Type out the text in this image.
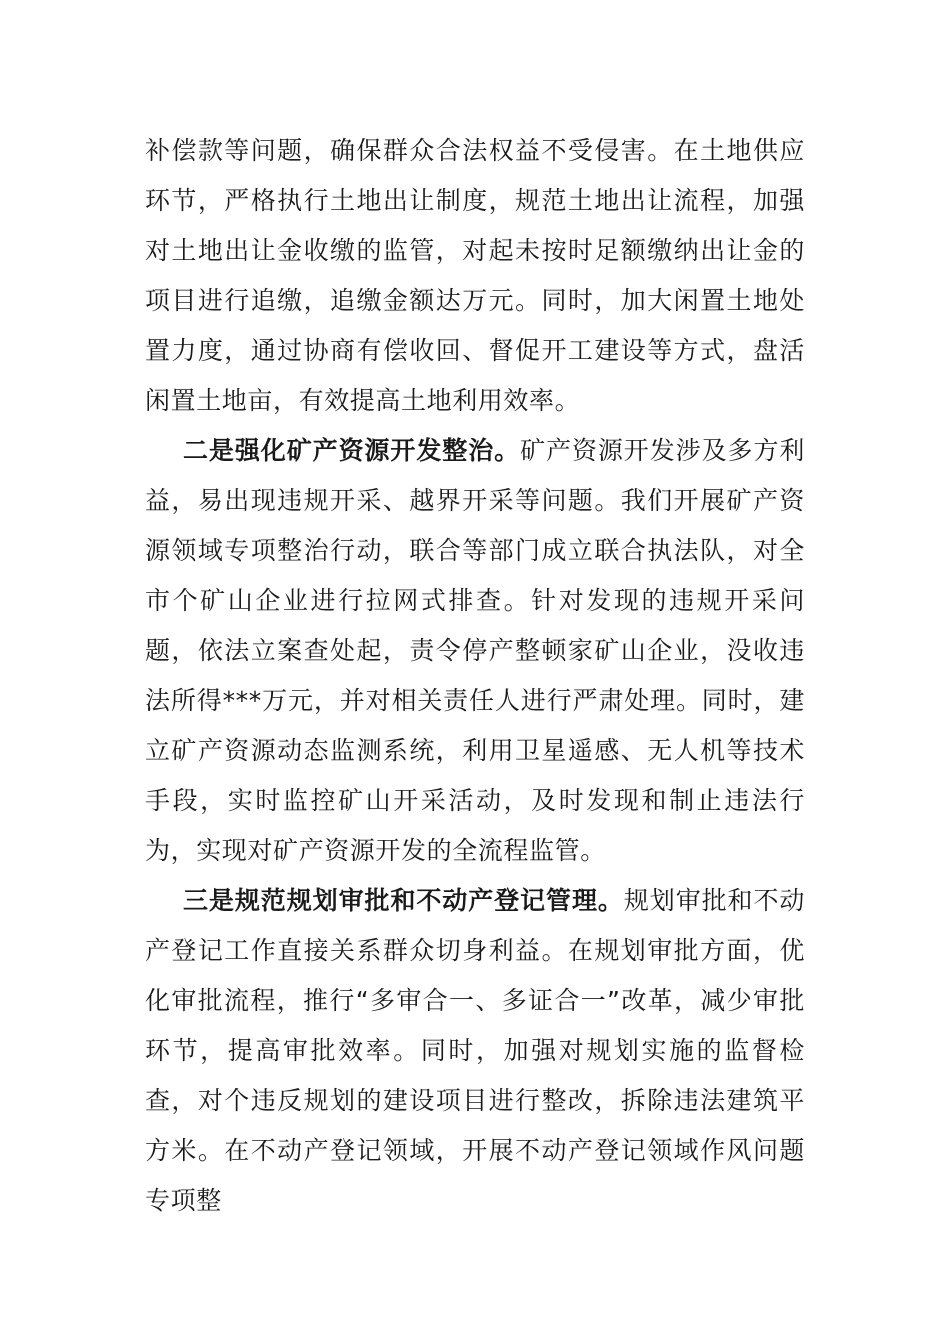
补偿款等问题，确保群众合法权益不受侵害。在土地供应环节，严格执行土地出让制度，规范土地出让流程，加强对土地出让金收缴的监管，对起未按时足额缴纳出让金的项目进行追缴，追缴金额达万元。同时，加大闲置土地处置力度，通过协商有偿收回、督促开工建设等方式，盘活闲置土地亩，有效提高土地利用效率。

二是强化矿产资源开发整治。矿产资源开发涉及多方利益，易出现违规开采、越界开采等问题。我们开展矿产资源领域专项整治行动，联合等部门成立联合执法队，对全市个矿山企业进行拉网式排查。针对发现的违规开采问题，依法立案查处起，责令停产整顿家矿山企业，没收违法所得***万元，并对相关责任人进行严肃处理。同时，建立矿产资源动态监测系统，利用卫星遥感、无人机等技术手段，实时监控矿山开采活动，及时发现和制止违法行为，实现对矿产资源开发的全流程监管。

三是规范规划审批和不动产登记管理。规划审批和不动产登记工作直接关系群众切身利益。在规划审批方面，优化审批流程，推行“多审合一、多证合一”改革，减少审批环节，提高审批效率。同时，加强对规划实施的监督检查，对个违反规划的建设项目进行整改，拆除违法建筑平方米。在不动产登记领域，开展不动产登记领域作风问题专项整
